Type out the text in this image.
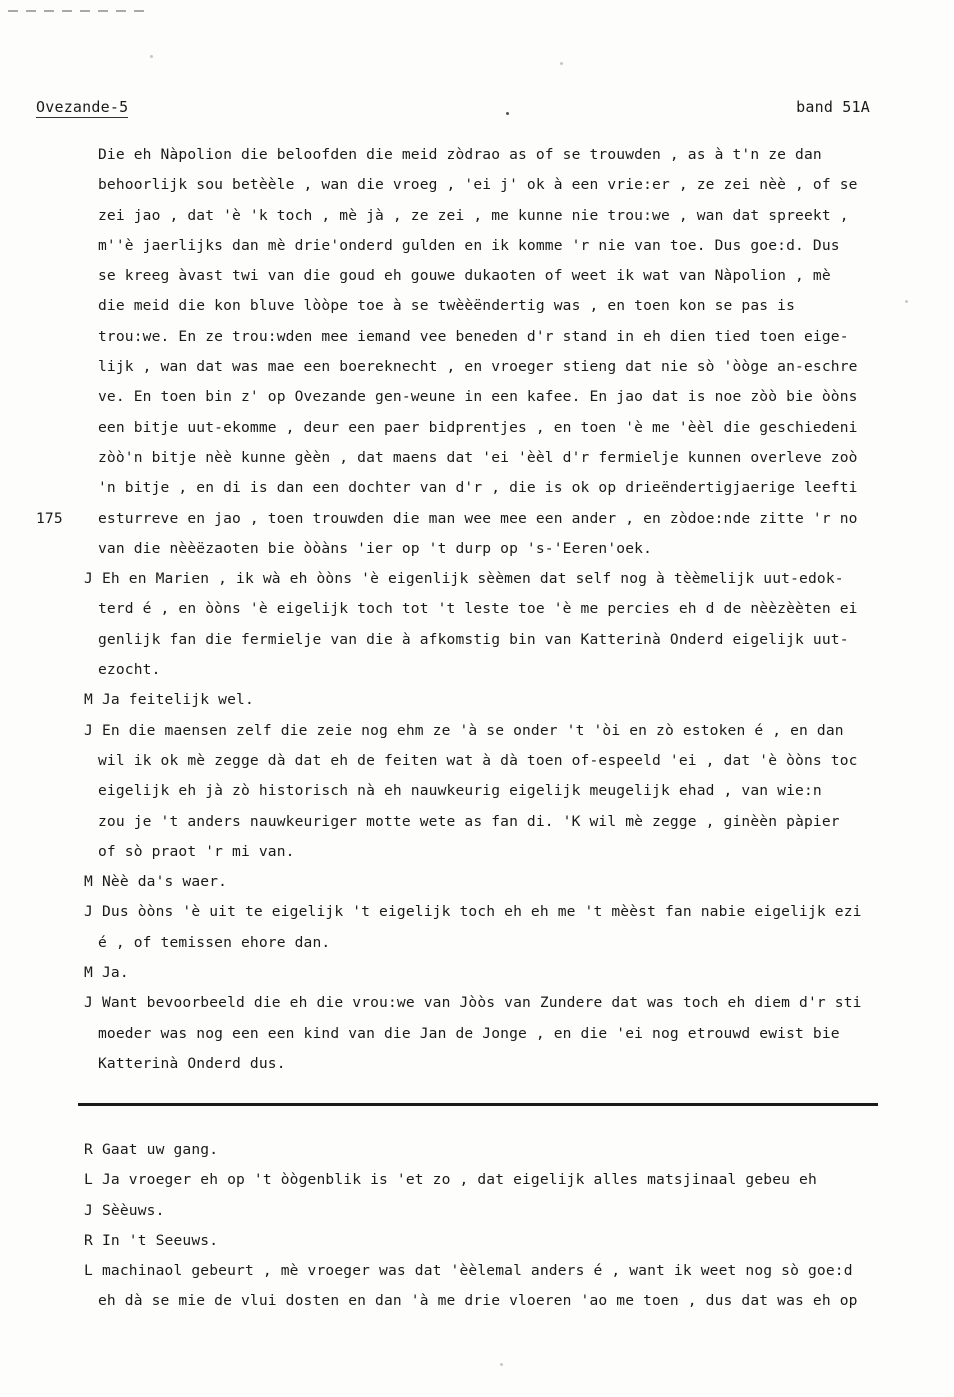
Ovezande-5	band 51A
Die eh Nàpolion die beloofden die meid zòdrao as of se trouwden , as à t'n ze dan
behoorlijk sou betèèle , wan die vroeg , 'ei j' ok à een vrie:er , ze zei nèè , of se
zei jao , dat 'è 'k toch , mè jà , ze zei , me kunne nie trou:we , wan dat spreekt ,
m''è jaerlijks dan mè drie'onderd gulden en ik komme 'r nie van toe. Dus goe:d. Dus
se kreeg àvast twi van die goud eh gouwe dukaoten of weet ik wat van Nàpolion , mè
die meid die kon bluve lòòpe toe à se twèèëndertig was , en toen kon se pas is
trou:we. En ze trou:wden mee iemand vee beneden d'r stand in eh dien tied toen eige-
lijk , wan dat was mae een boereknecht , en vroeger stieng dat nie sò 'òòge an-eschre
ve. En toen bin z' op Ovezande gen-weune in een kafee. En jao dat is noe zòò bie òòns
een bitje uut-ekomme , deur een paer bidprentjes , en toen 'è me 'èèl die geschiedeni
zòò'n bitje nèè kunne gèèn , dat maens dat 'ei 'èèl d'r fermielje kunnen overleve zoò
'n bitje , en di is dan een dochter van d'r , die is ok op drieëndertigjaerige leefti
175 esturreve en jao , toen trouwden die man wee mee een ander , en zòdoe:nde zitte 'r no
van die nèèëzaoten bie òòàns 'ier op 't durp op 's-'Eeren'oek.
J Eh en Marien , ik wà eh òòns 'è eigenlijk sèèmen dat self nog à tèèmelijk uut-edok-
terd é , en òòns 'è eigelijk toch tot 't leste toe 'è me percies eh d de nèèzèèten ei
genlijk fan die fermielje van die à afkomstig bin van Katterinà Onderd eigelijk uut-
ezocht.
M Ja feitelijk wel.
J En die maensen zelf die zeie nog ehm ze 'à se onder 't 'òi en zò estoken é , en dan
wil ik ok mè zegge dà dat eh de feiten wat à dà toen of-espeeld 'ei , dat 'è òòns toc
eigelijk eh jà zò historisch nà eh nauwkeurig eigelijk meugelijk ehad , van wie:n
zou je 't anders nauwkeuriger motte wete as fan di. 'K wil mè zegge , ginèèn pàpier
of sò praot 'r mi van.
M Nèè da's waer.
J Dus òòns 'è uit te eigelijk 't eigelijk toch eh eh me 't mèèst fan nabie eigelijk ezi
é , of temissen ehore dan.
M Ja.
J Want bevoorbeeld die eh die vrou:we van Jòòs van Zundere dat was toch eh diem d'r sti
moeder was nog een een kind van die Jan de Jonge , en die 'ei nog etrouwd ewist bie
Katterinà Onderd dus.
R Gaat uw gang.
L Ja vroeger eh op 't òògenblik is 'et zo , dat eigelijk alles matsjinaal gebeu eh
J Sèèuws.
R In 't Seeuws.
L machinaol gebeurt , mè vroeger was dat 'èèlemal anders é , want ik weet nog sò goe:d
eh dà se mie de vlui dosten en dan 'à me drie vloeren 'ao me toen , dus dat was eh op
